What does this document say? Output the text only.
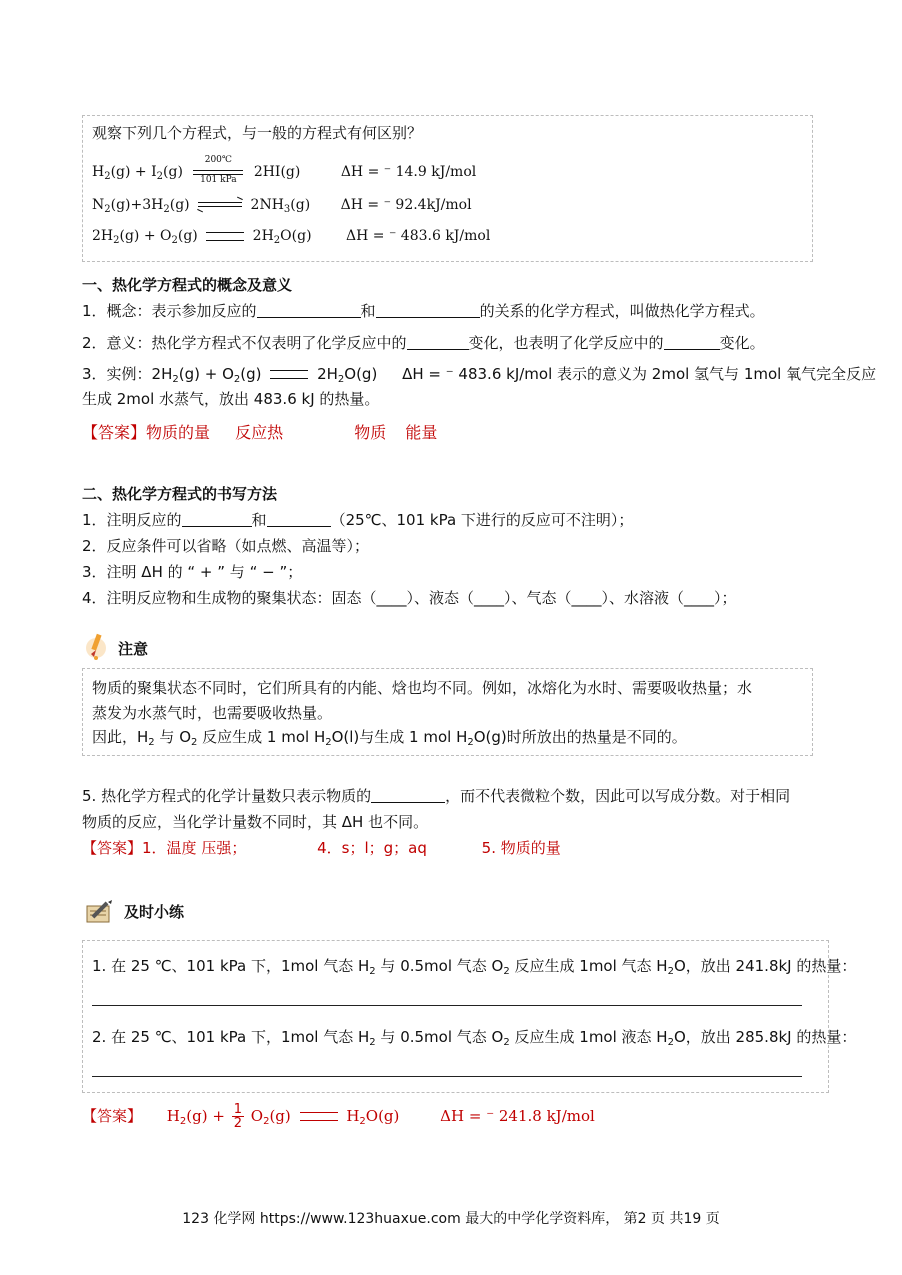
观察下列几个方程式，与一般的方程式有何区别？
$H_2(g) + I_2(g)$
200℃
101 kPa	2HI(g)	ΔH = ⁻ 14.9 kJ/mol
$N_2(g)+3H_2(g)$	$2NH_3(g) \Delta H$ = ⁻ 92.4kJ/mol
$2H_2(g) + O_2(g)$	$2H_2O(g) \Delta H$ = ⁻ 483.6 kJ/mol
一、热化学方程式的概念及意义
1．概念：表示参加反应的	和	的关系的化学方程式，叫做热化学方程式。
2．意义：热化学方程式不仅表明了化学反应中的	变化，也表明了化学反应中的	变化。
3．实例：$2H_2(g) + O_2(g)$	$2H_2O(g) \Delta H$ = ⁻ 483.6 kJ/mol 表示的意义为 2mol 氢气与 1mol 氧气完全反应
生成 2mol 水蒸气，放出 483.6 kJ 的热量。
【答案】物质的量 反应热	物质 能量
二、热化学方程式的书写方法
1．注明反应的	和	（25℃、101 kPa 下进行的反应可不注明）；
2．反应条件可以省略（如点燃、高温等）；
3．注明 ΔH 的 “ + ” 与 “ − ”；
4．注明反应物和生成物的聚集状态：固态（____）、液态（____）、气态（____）、水溶液（____）；
注意
物质的聚集状态不同时，它们所具有的内能、焓也均不同。例如，冰熔化为水时、需要吸收热量；水
蒸发为水蒸气时，也需要吸收热量。
因此，$H_2$ 与 $O_2$ 反应生成 1 mol $H_2O(l)$与生成 1 mol $H_2O(g)$时所放出的热量是不同的。
5. 热化学方程式的化学计量数只表示物质的	，而不代表微粒个数，因此可以写成分数。对于相同
物质的反应，当化学计量数不同时，其 ΔH 也不同。
【答案】1．温度 压强；	4．s；l；g；aq	5. 物质的量
及时小练
1. 在 25 ℃、101 kPa 下，1mol 气态 $H_2$ 与 0.5mol 气态 $O_2$ 反应生成 1mol 气态 $H_2O$，放出 241.8kJ 的热量：
2. 在 25 ℃、101 kPa 下，1mol 气态 $H_2$ 与 0.5mol 气态 $O_2$ 反应生成 1mol 液态 $H_2O$，放出 285.8kJ 的热量：
【答案】 $H_2(g) + \frac{1}{2} O_2(g)$	$H_2O(g)$	ΔH = ⁻ 241.8 kJ/mol
123 化学网 https://www.123huaxue.com 最大的中学化学资料库， 第2 页 共19 页
